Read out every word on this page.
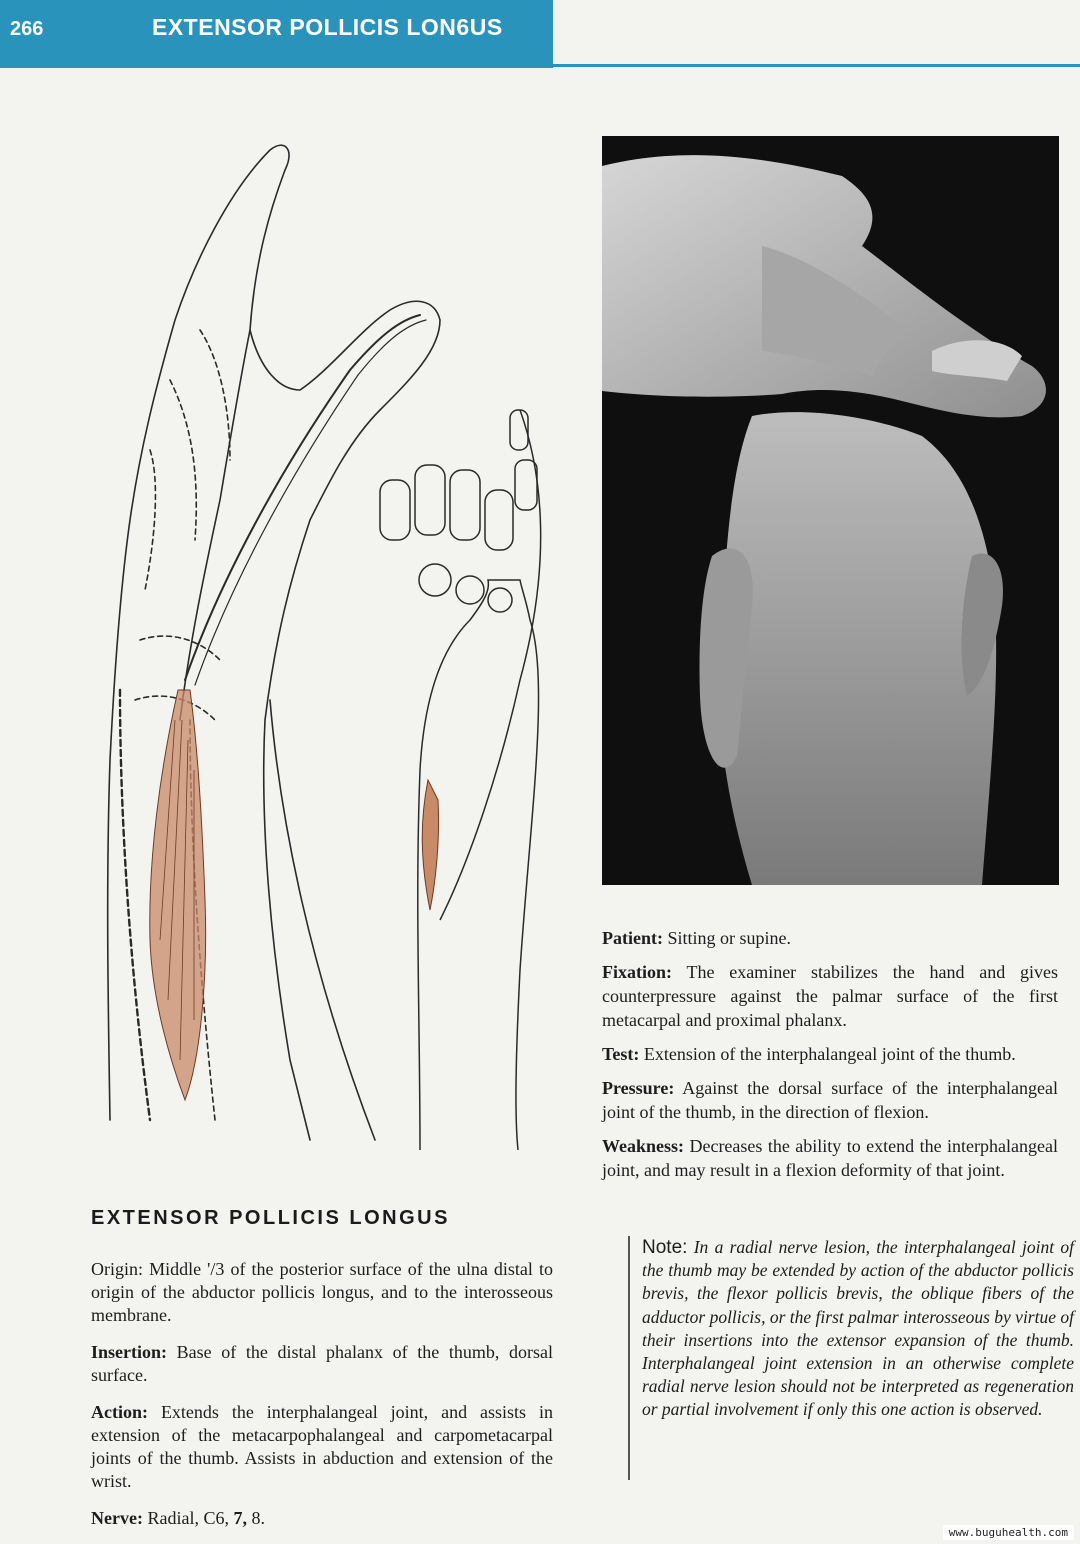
266	EXTENSOR POLLICIS LON6US
EXTENSOR POLLICIS LONGUS

Origin: Middle '/3 of the posterior surface of the ulna distal to origin of the abductor pollicis longus, and to the interosseous membrane.

Insertion: Base of the distal phalanx of the thumb, dorsal surface.

Action: Extends the interphalangeal joint, and assists in extension of the metacarpophalangeal and carpometacarpal joints of the thumb. Assists in abduction and extension of the wrist.

Nerve: Radial, C6, 7, 8.

Patient: Sitting or supine.

Fixation: The examiner stabilizes the hand and gives counterpressure against the palmar surface of the first metacarpal and proximal phalanx.

Test: Extension of the interphalangeal joint of the thumb.

Pressure: Against the dorsal surface of the interphalangeal joint of the thumb, in the direction of flexion.

Weakness: Decreases the ability to extend the interphalangeal joint, and may result in a flexion deformity of that joint.

Note: In a radial nerve lesion, the interphalangeal joint of the thumb may be extended by action of the abductor pollicis brevis, the flexor pollicis brevis, the oblique fibers of the adductor pollicis, or the first palmar interosseous by virtue of their insertions into the extensor expansion of the thumb. Interphalangeal joint extension in an otherwise complete radial nerve lesion should not be interpreted as regeneration or partial involvement if only this one action is observed.
www.buguhealth.com
